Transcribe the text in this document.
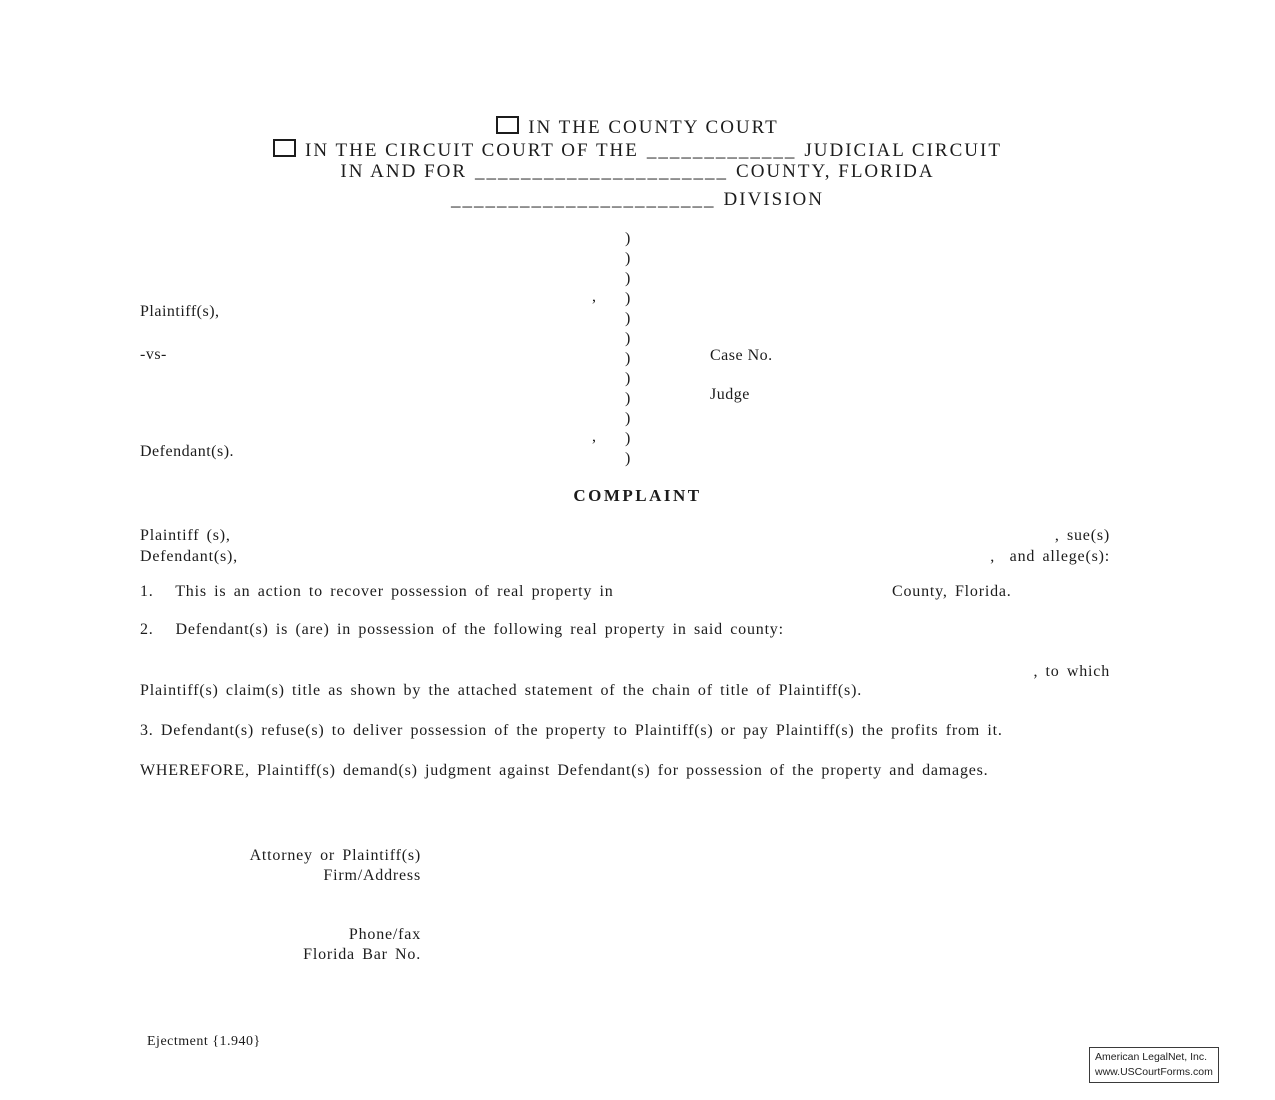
IN THE COUNTY COURT
IN THE CIRCUIT COURT OF THE _____________ JUDICIAL CIRCUIT
IN AND FOR ______________________ COUNTY, FLORIDA
_______________________ DIVISION
)
)
)
)
)
)
)
)
)
)
)
)
,
,
Plaintiff(s),
-vs-
Defendant(s).
Case No.
Judge
COMPLAINT
Plaintiff (s),	, sue(s)
Defendant(s),	,  and allege(s):
1.   This is an action to recover possession of real property in	County, Florida.
2.   Defendant(s) is (are) in possession of the following real property in said county:
, to which
Plaintiff(s) claim(s) title as shown by the attached statement of the chain of title of Plaintiff(s).
3. Defendant(s) refuse(s) to deliver possession of the property to Plaintiff(s) or pay Plaintiff(s) the profits from it.
WHEREFORE, Plaintiff(s) demand(s) judgment against Defendant(s) for possession of the property and damages.
Attorney or Plaintiff(s)
Firm/Address
Phone/fax
Florida Bar No.
Ejectment {1.940}
American LegalNet, Inc.
www.USCourtForms.com
